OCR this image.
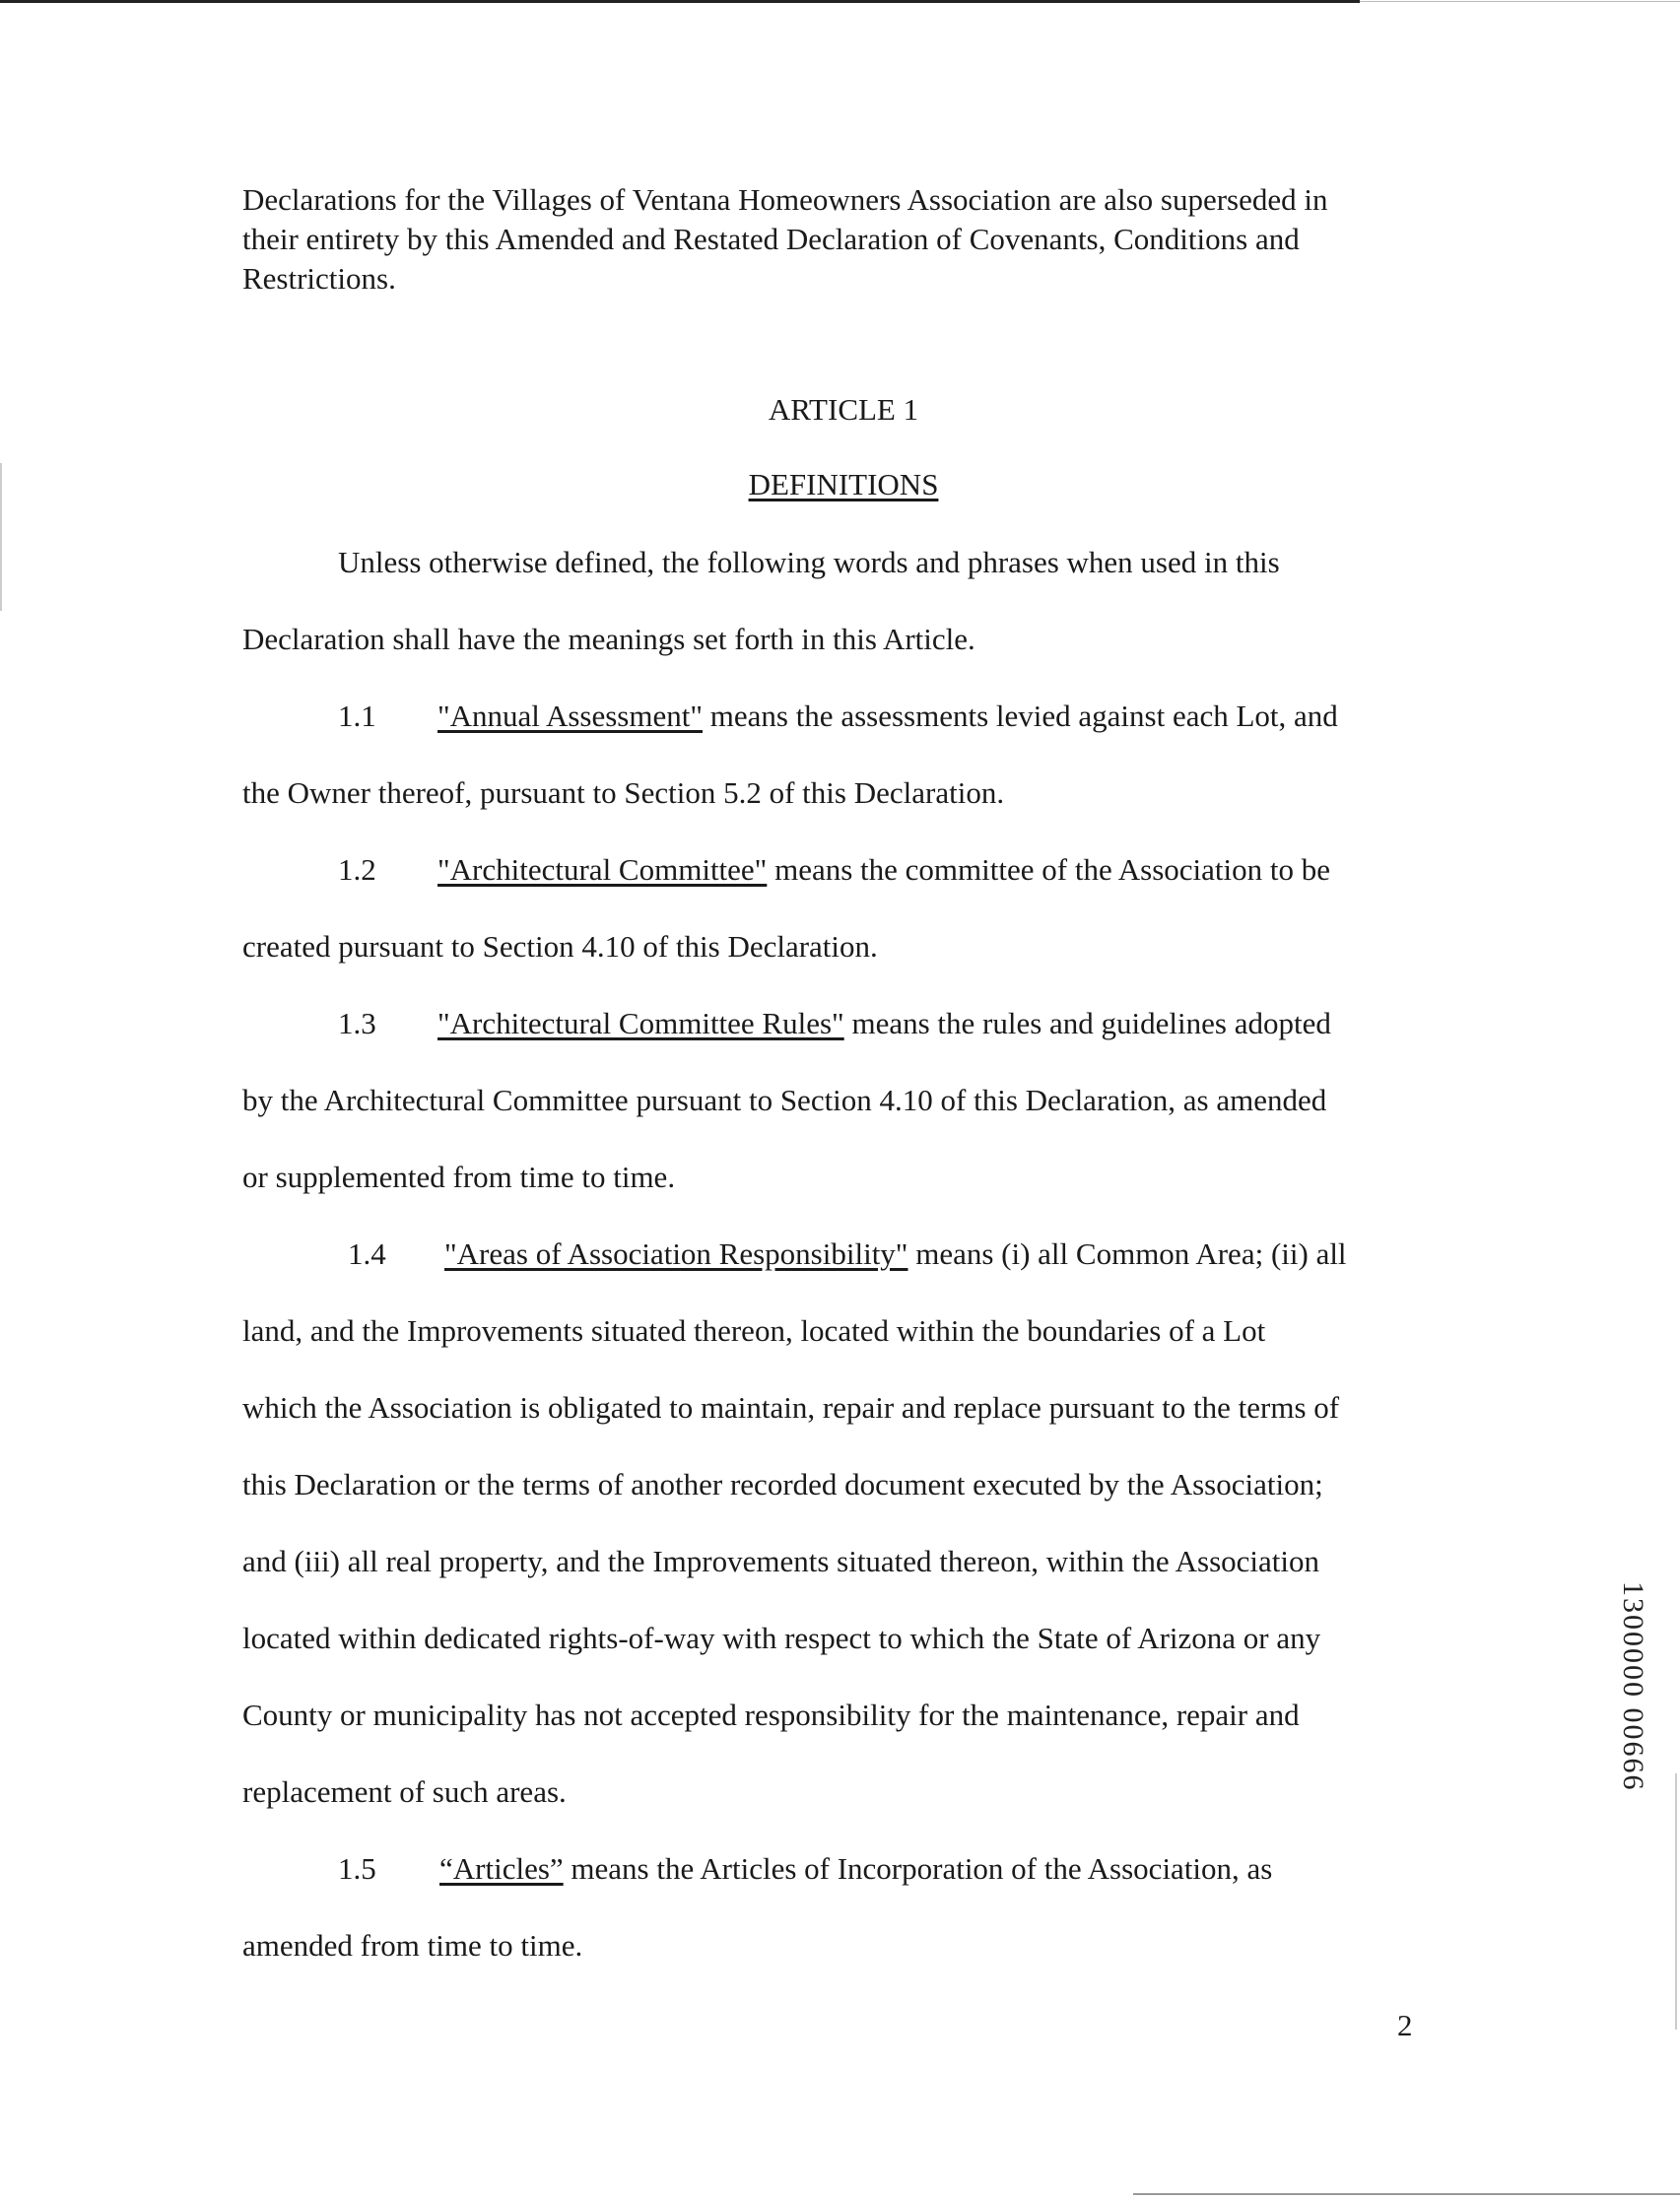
Declarations for the Villages of Ventana Homeowners Association are also superseded in
their entirety by this Amended and Restated Declaration of Covenants, Conditions and
Restrictions.
ARTICLE 1
DEFINITIONS
Unless otherwise defined, the following words and phrases when used in this
Declaration shall have the meanings set forth in this Article.
1.1 "Annual Assessment" means the assessments levied against each Lot, and
the Owner thereof, pursuant to Section 5.2 of this Declaration.
1.2 "Architectural Committee" means the committee of the Association to be
created pursuant to Section 4.10 of this Declaration.
1.3 "Architectural Committee Rules" means the rules and guidelines adopted
by the Architectural Committee pursuant to Section 4.10 of this Declaration, as amended
or supplemented from time to time.
1.4 "Areas of Association Responsibility" means (i) all Common Area; (ii) all
land, and the Improvements situated thereon, located within the boundaries of a Lot
which the Association is obligated to maintain, repair and replace pursuant to the terms of
this Declaration or the terms of another recorded document executed by the Association;
and (iii) all real property, and the Improvements situated thereon, within the Association
located within dedicated rights-of-way with respect to which the State of Arizona or any
County or municipality has not accepted responsibility for the maintenance, repair and
replacement of such areas.
1.5 “Articles” means the Articles of Incorporation of the Association, as
amended from time to time.
2
1300000 00666
